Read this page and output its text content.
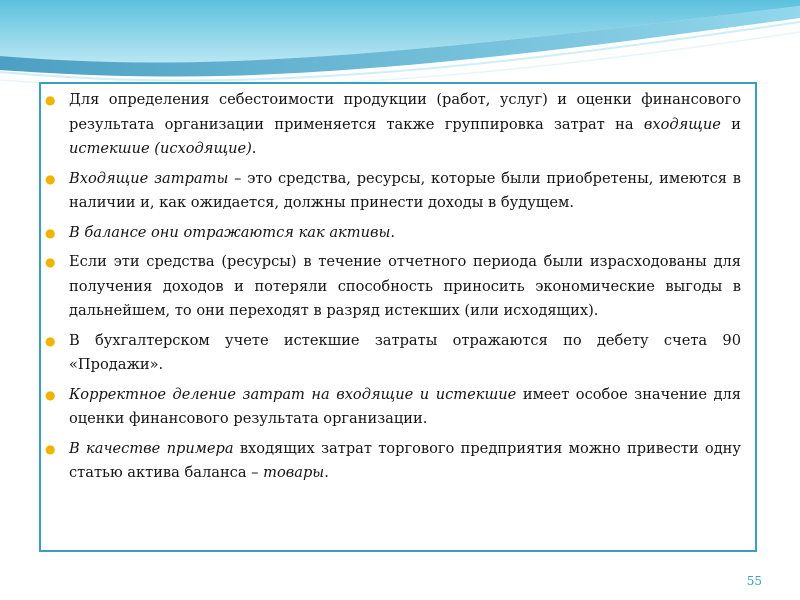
● Для определения себестоимости продукции (работ, услуг) и оценки финансового результата организации применяется также группировка затрат на входящие и истекшие (исходящие).
● Входящие затраты – это средства, ресурсы, которые были приобретены, имеются в наличии и, как ожидается, должны принести доходы в будущем.
● В балансе они отражаются как активы.
● Если эти средства (ресурсы) в течение отчетного периода были израсходованы для получения доходов и потеряли способность приносить экономические выгоды в дальнейшем, то они переходят в разряд истекших (или исходящих).
● В бухгалтерском учете истекшие затраты отражаются по дебету счета 90 «Продажи».
● Корректное деление затрат на входящие и истекшие имеет особое значение для оценки финансового результата организации.
● В качестве примера входящих затрат торгового предприятия можно привести одну статью актива баланса – товары.
55
